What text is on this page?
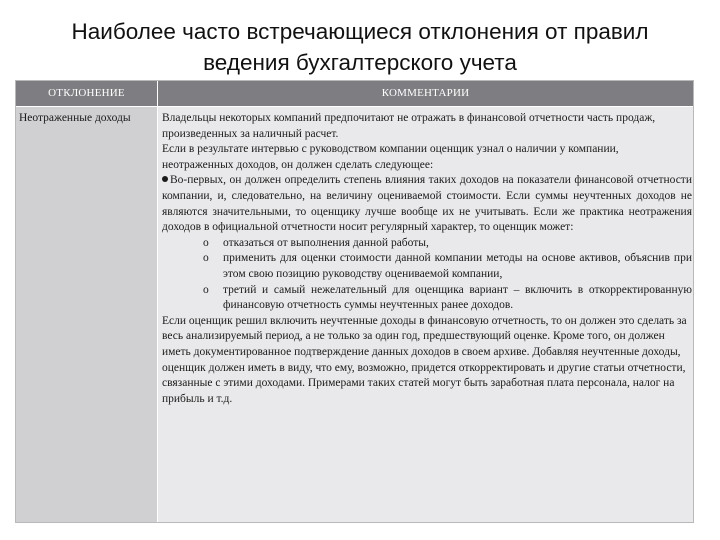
Наиболее часто встречающиеся отклонения от правил
ведения бухгалтерского учета
ОТКЛОНЕНИЕ	КОММЕНТАРИИ
Неотраженные доходы	Владельцы некоторых компаний предпочитают не отражать в финансовой отчетности часть продаж, произведенных за наличный расчет.

Если в результате интервью с руководством компании оценщик узнал о наличии у компании, неотраженных доходов, он должен сделать следующее:

Во-первых, он должен определить степень влияния таких доходов на показатели финансовой отчетности компании, и, следовательно, на величину оцениваемой стоимости. Если суммы неучтенных доходов не являются значительными, то оценщику лучше вообще их не учитывать. Если же практика неотражения доходов в официальной отчетности носит регулярный характер, то оценщик может:

o	отказаться от выполнения данной работы,
o	применить для оценки стоимости данной компании методы на основе активов, объяснив при этом свою позицию руководству оцениваемой компании,
o	третий и самый нежелательный для оценщика вариант – включить в откорректированную финансовую отчетность суммы неучтенных ранее доходов.

Если оценщик решил включить неучтенные доходы в финансовую отчетность, то он должен это сделать за весь анализируемый период, а не только за один год, предшествующий оценке. Кроме того, он должен иметь документированное подтверждение данных доходов в своем архиве. Добавляя неучтенные доходы, оценщик должен иметь в виду, что ему, возможно, придется откорректировать и другие статьи отчетности, связанные с этими доходами. Примерами таких статей могут быть заработная плата персонала, налог на прибыль и т.д.
